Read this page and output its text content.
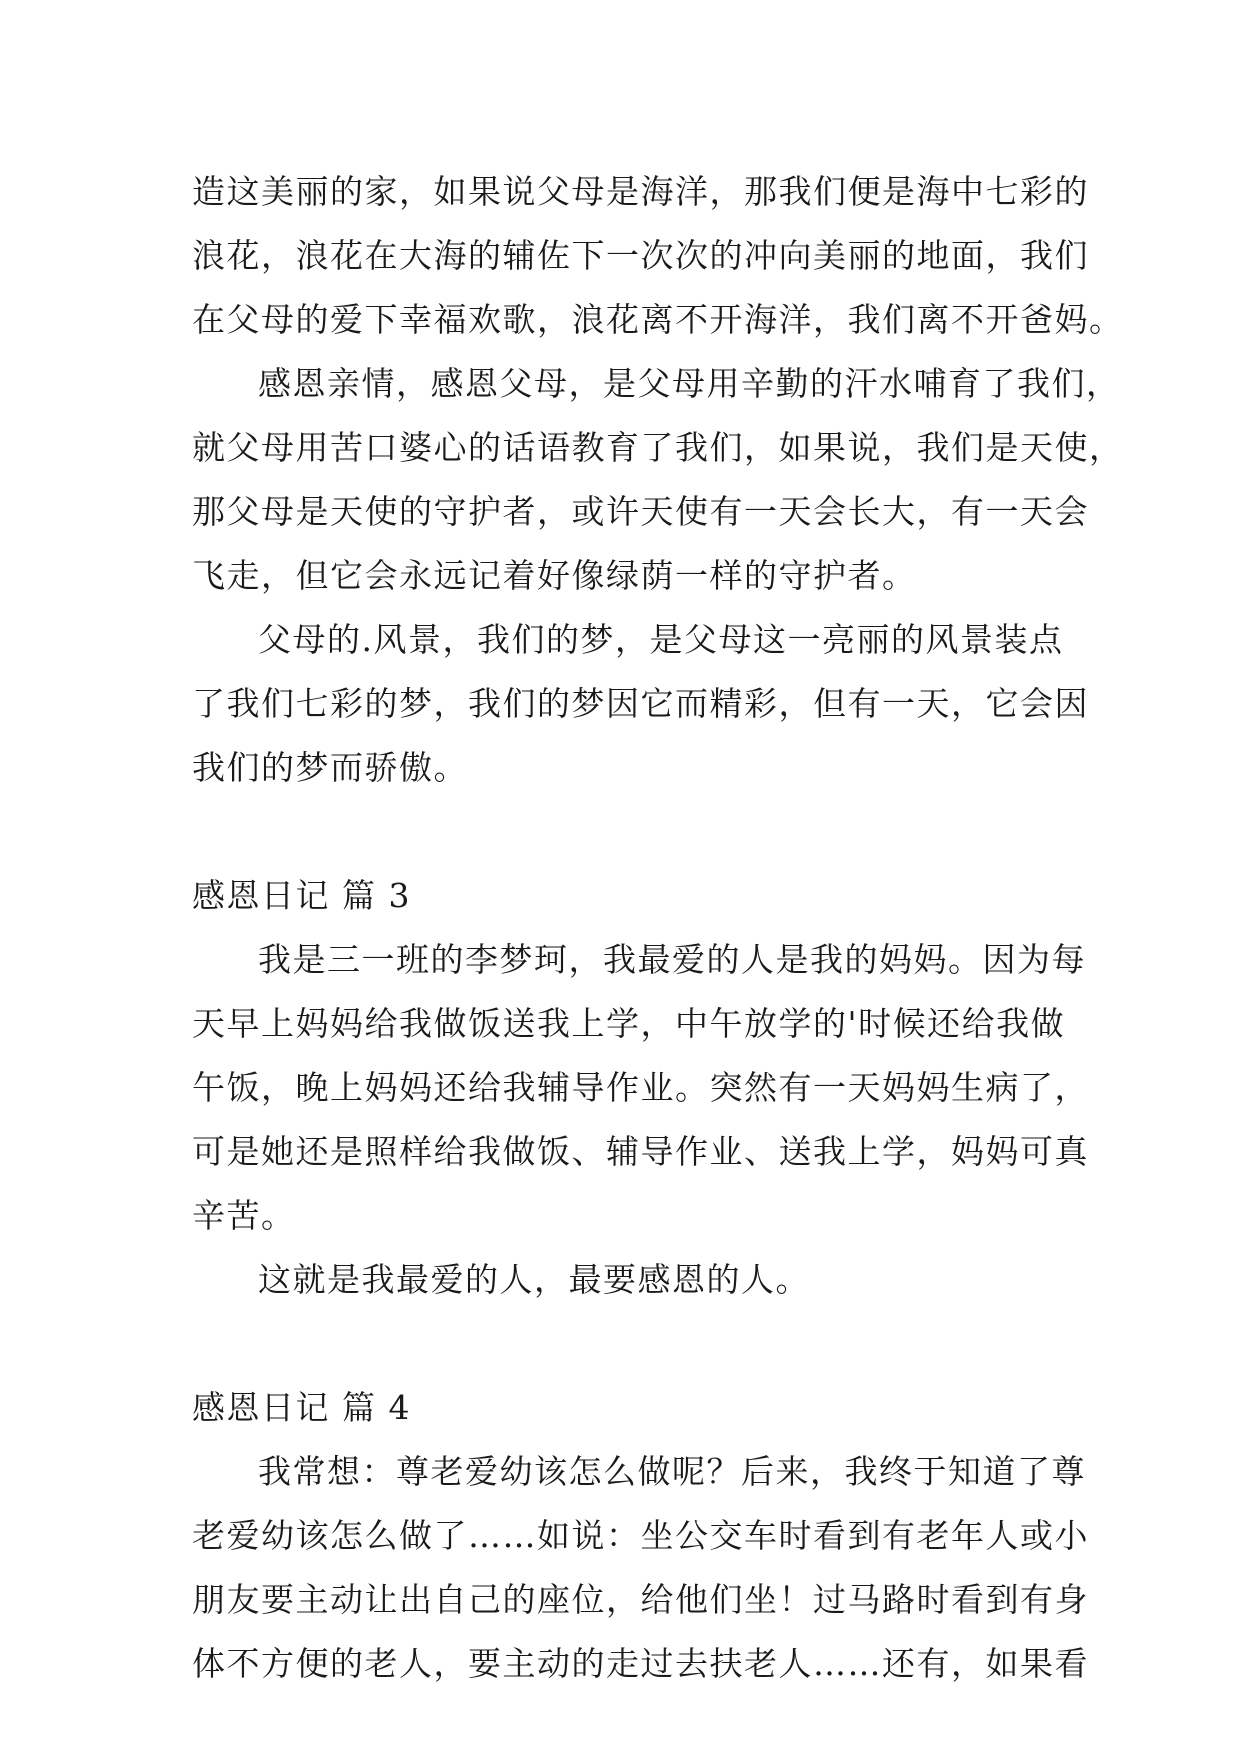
造这美丽的家，如果说父母是海洋，那我们便是海中七彩的
浪花，浪花在大海的辅佐下一次次的冲向美丽的地面，我们
在父母的爱下幸福欢歌，浪花离不开海洋，我们离不开爸妈。
感恩亲情，感恩父母，是父母用辛勤的汗水哺育了我们，
就父母用苦口婆心的话语教育了我们，如果说，我们是天使，
那父母是天使的守护者，或许天使有一天会长大，有一天会
飞走，但它会永远记着好像绿荫一样的守护者。
父母的.风景，我们的梦，是父母这一亮丽的风景装点
了我们七彩的梦，我们的梦因它而精彩，但有一天，它会因
我们的梦而骄傲。
感恩日记 篇 3
我是三一班的李梦珂，我最爱的人是我的妈妈。因为每
天早上妈妈给我做饭送我上学，中午放学的'时候还给我做
午饭，晚上妈妈还给我辅导作业。突然有一天妈妈生病了，
可是她还是照样给我做饭、辅导作业、送我上学，妈妈可真
辛苦。
这就是我最爱的人，最要感恩的人。
感恩日记 篇 4
我常想：尊老爱幼该怎么做呢？后来，我终于知道了尊
老爱幼该怎么做了……如说：坐公交车时看到有老年人或小
朋友要主动让出自己的座位，给他们坐！过马路时看到有身
体不方便的老人，要主动的走过去扶老人……还有，如果看
